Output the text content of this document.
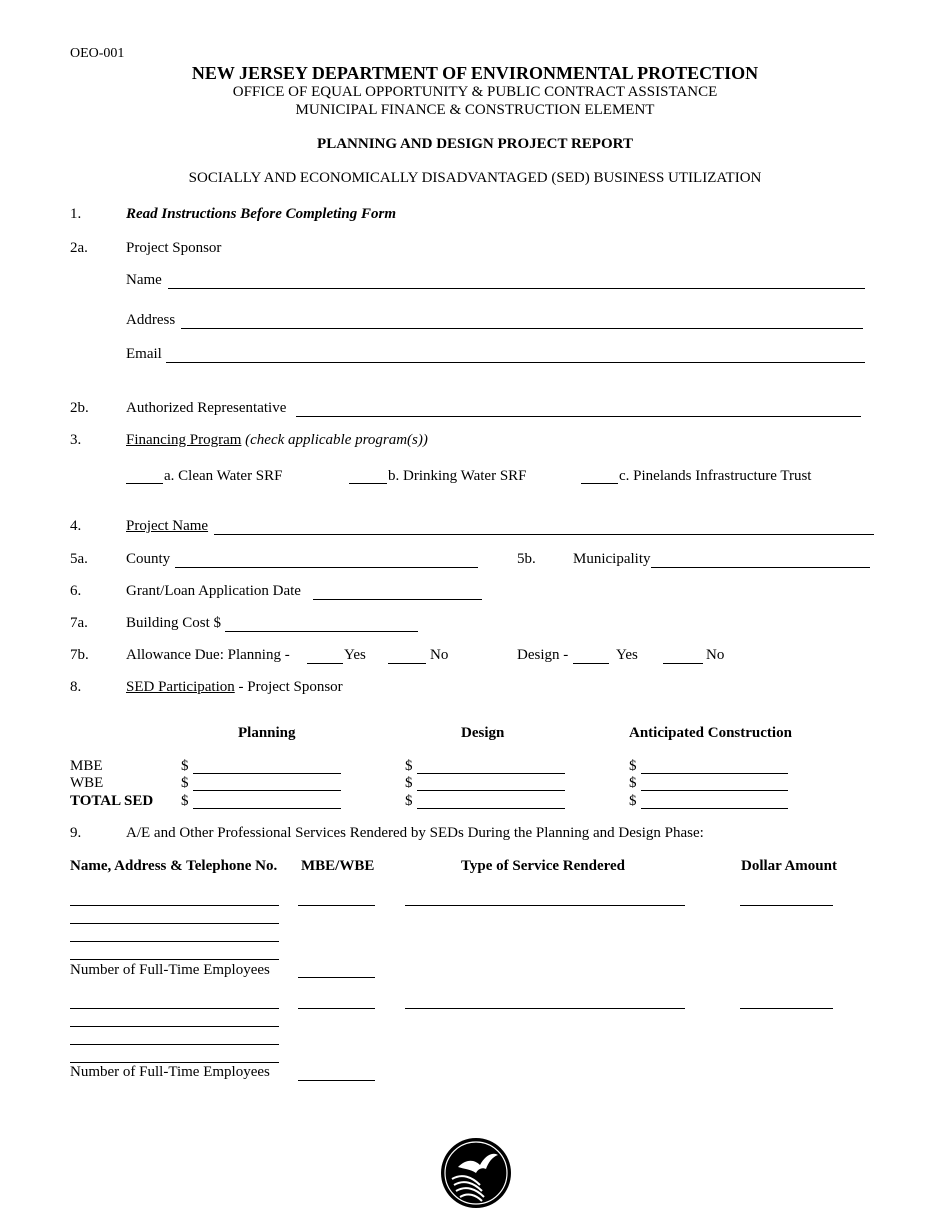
OEO-001
NEW JERSEY DEPARTMENT OF ENVIRONMENTAL PROTECTION
OFFICE OF EQUAL OPPORTUNITY & PUBLIC CONTRACT ASSISTANCE
MUNICIPAL FINANCE & CONSTRUCTION ELEMENT
PLANNING AND DESIGN PROJECT REPORT
SOCIALLY AND ECONOMICALLY DISADVANTAGED (SED) BUSINESS UTILIZATION
1.	Read Instructions Before Completing Form
2a.	Project Sponsor
Name
Address
Email
2b. Authorized Representative
3.	Financing Program (check applicable program(s))
a. Clean Water SRF	b. Drinking Water SRF	c. Pinelands Infrastructure Trust
4.	Project Name
5a.	County	5b. Municipality
6.	Grant/Loan Application Date
7a.	Building Cost $
7b. Allowance Due: Planning -	Yes	No	Design -	Yes	No
8.	SED Participation - Project Sponsor
Planning	Design	Anticipated Construction
MBE	$	$	$
WBE	$	$	$
TOTAL SED $	$	$
9.	A/E and Other Professional Services Rendered by SEDs During the Planning and Design Phase:
Name, Address & Telephone No. MBE/WBE	Type of Service Rendered	Dollar Amount
Number of Full-Time Employees
Number of Full-Time Employees
